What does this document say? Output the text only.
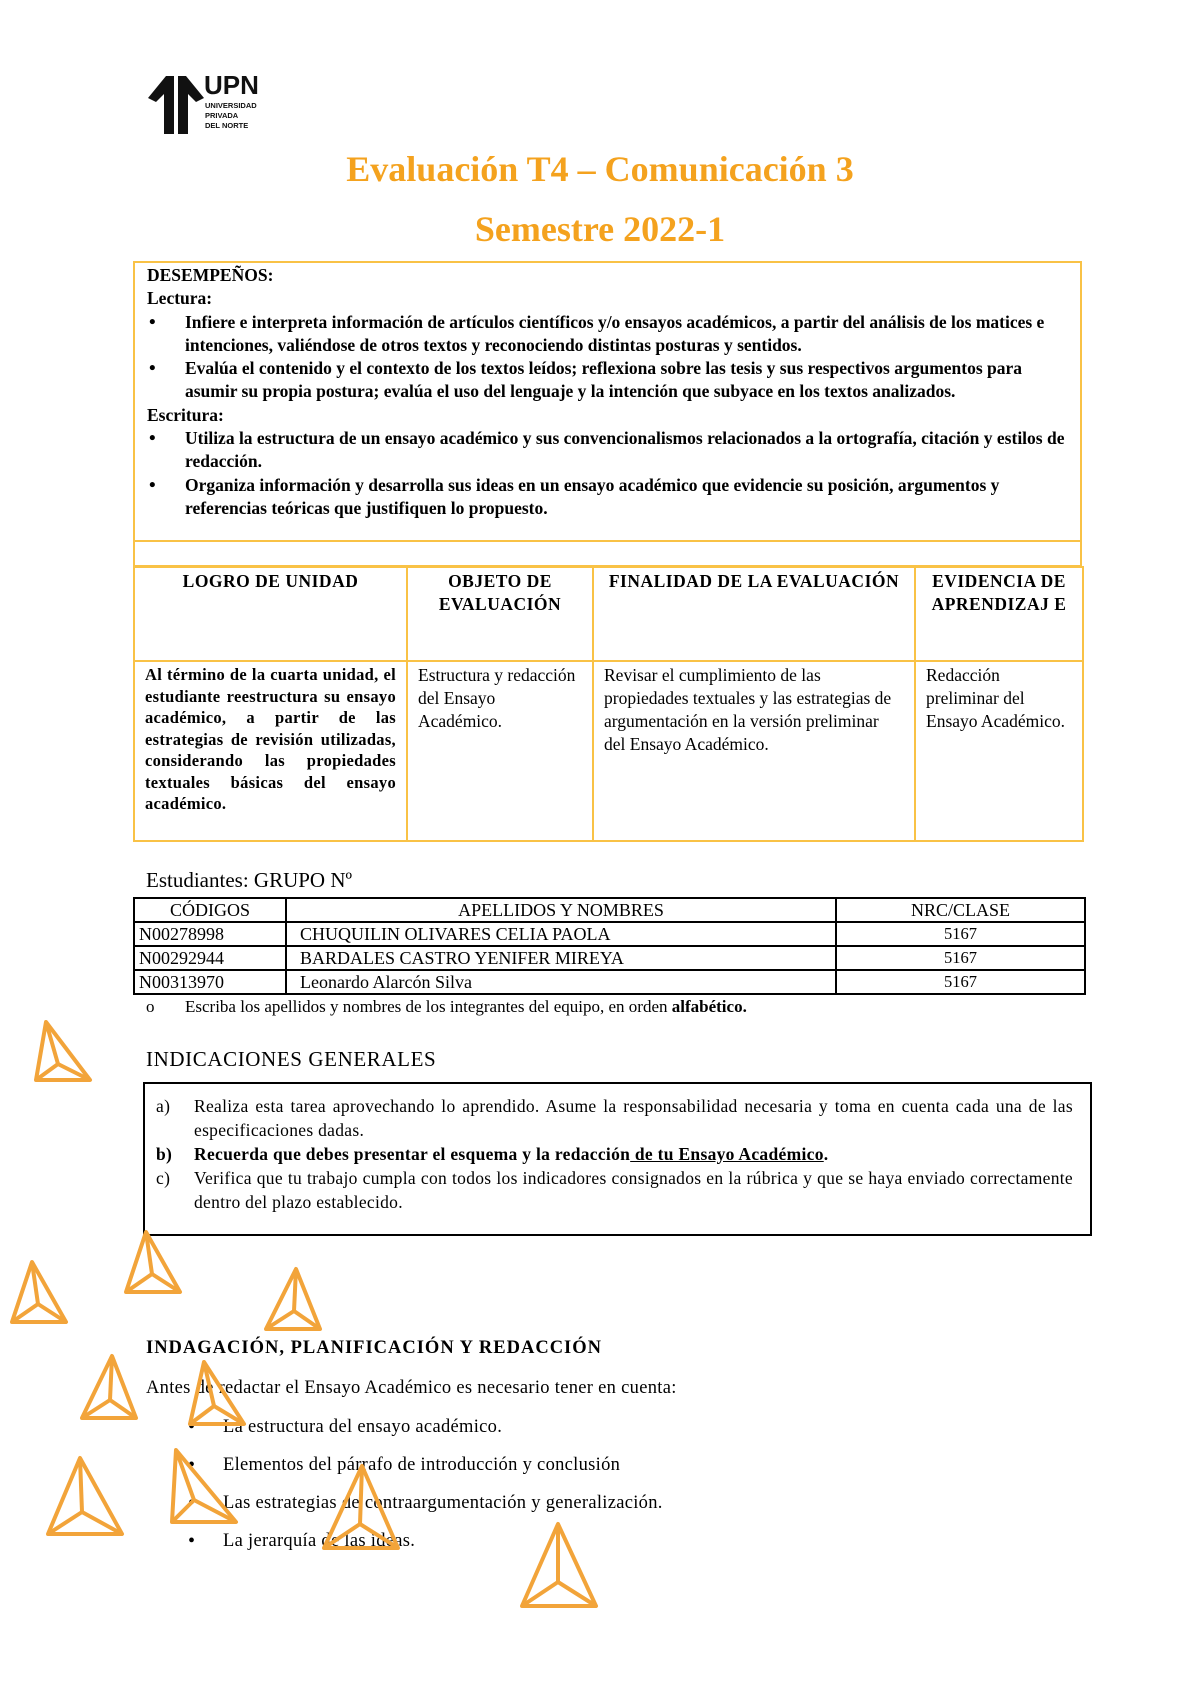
UPN
UNIVERSIDAD
PRIVADA
DEL NORTE
Evaluación T4 – Comunicación 3
Semestre 2022-1
DESEMPEÑOS:
Lectura:
• Infiere e interpreta información de artículos científicos y/o ensayos académicos, a partir del análisis de los matices e intenciones, valiéndose de otros textos y reconociendo distintas posturas y sentidos.
• Evalúa el contenido y el contexto de los textos leídos; reflexiona sobre las tesis y sus respectivos argumentos para asumir su propia postura; evalúa el uso del lenguaje y la intención que subyace en los textos analizados.
Escritura:
• Utiliza la estructura de un ensayo académico y sus convencionalismos relacionados a la ortografía, citación y estilos de redacción.
• Organiza información y desarrolla sus ideas en un ensayo académico que evidencie su posición, argumentos y referencias teóricas que justifiquen lo propuesto.
LOGRO DE UNIDAD	OBJETO DE EVALUACIÓN	FINALIDAD DE LA EVALUACIÓN	EVIDENCIA DE APRENDIZAJ E
Al término de la cuarta unidad, el estudiante reestructura su ensayo académico, a partir de las estrategias de revisión utilizadas, considerando las propiedades textuales básicas del ensayo académico.	Estructura y redacción del Ensayo Académico.	Revisar el cumplimiento de las propiedades textuales y las estrategias de argumentación en la versión preliminar del Ensayo Académico.	Redacción preliminar del Ensayo Académico.
Estudiantes: GRUPO Nº
CÓDIGOS	APELLIDOS Y NOMBRES	NRC/CLASE
N00278998	CHUQUILIN OLIVARES CELIA PAOLA	5167
N00292944	BARDALES CASTRO YENIFER MIREYA	5167
N00313970	Leonardo Alarcón Silva	5167
o Escriba los apellidos y nombres de los integrantes del equipo, en orden alfabético.
INDICACIONES GENERALES
a) Realiza esta tarea aprovechando lo aprendido. Asume la responsabilidad necesaria y toma en cuenta cada una de las especificaciones dadas.
b) Recuerda que debes presentar el esquema y la redacción de tu Ensayo Académico.
c) Verifica que tu trabajo cumpla con todos los indicadores consignados en la rúbrica y que se haya enviado correctamente dentro del plazo establecido.
INDAGACIÓN, PLANIFICACIÓN Y REDACCIÓN
Antes de redactar el Ensayo Académico es necesario tener en cuenta:
• La estructura del ensayo académico.
• Elementos del párrafo de introducción y conclusión
• Las estrategias de contraargumentación y generalización.
• La jerarquía de las ideas.
